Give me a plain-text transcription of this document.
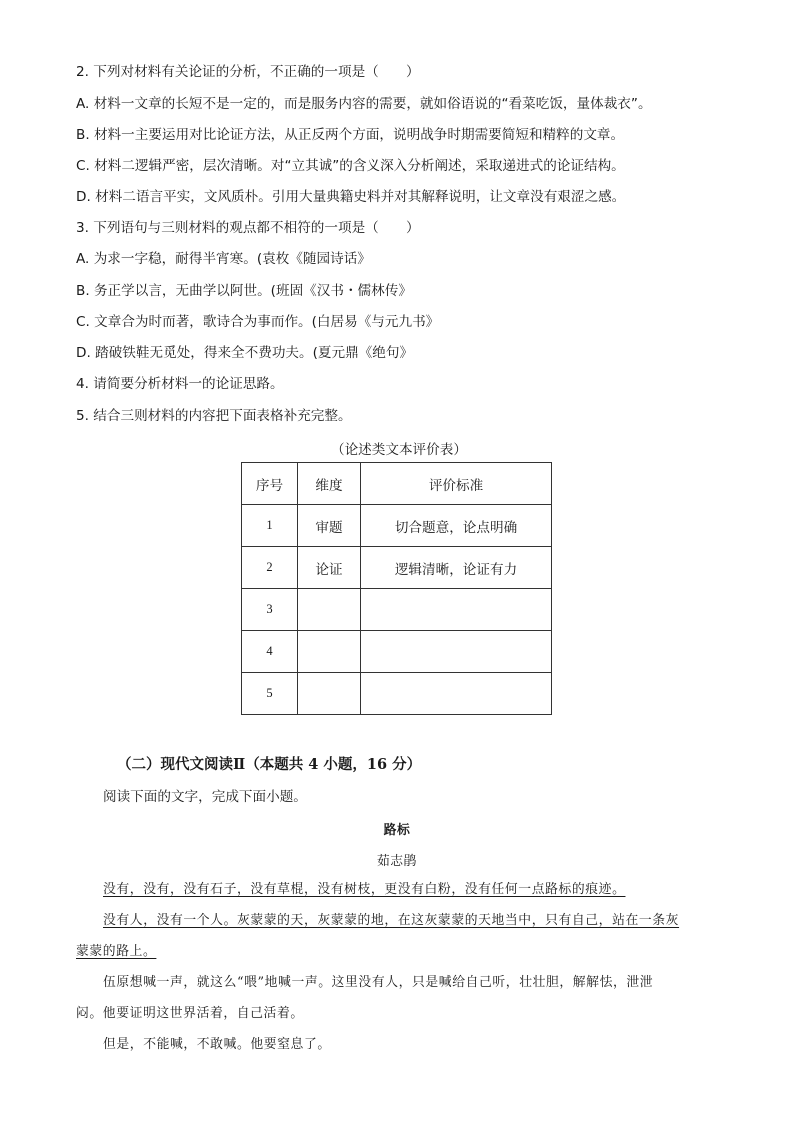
2. 下列对材料有关论证的分析，不正确的一项是（　　）
A. 材料一文章的长短不是一定的，而是服务内容的需要，就如俗语说的“看菜吃饭，量体裁衣”。
B. 材料一主要运用对比论证方法，从正反两个方面，说明战争时期需要简短和精粹的文章。
C. 材料二逻辑严密，层次清晰。对“立其诚”的含义深入分析阐述，采取递进式的论证结构。
D. 材料二语言平实，文风质朴。引用大量典籍史料并对其解释说明，让文章没有艰涩之感。
3. 下列语句与三则材料的观点都不相符的一项是（　　）
A. 为求一字稳，耐得半宵寒。(袁枚《随园诗话》
B. 务正学以言，无曲学以阿世。(班固《汉书・儒林传》
C. 文章合为时而著，歌诗合为事而作。(白居易《与元九书》
D. 踏破铁鞋无觅处，得来全不费功夫。(夏元鼎《绝句》
4. 请简要分析材料一的论证思路。
5. 结合三则材料的内容把下面表格补充完整。
（论述类文本评价表）
序号	维度	评价标准
1	审题	切合题意，论点明确
2	论证	逻辑清晰，论证有力
3		
4		
5		
（二）现代文阅读Ⅱ（本题共 4 小题，16 分）
阅读下面的文字，完成下面小题。
路标
茹志鹃
没有，没有，没有石子，没有草棍，没有树枝，更没有白粉，没有任何一点路标的痕迹。
没有人，没有一个人。灰蒙蒙的天，灰蒙蒙的地，在这灰蒙蒙的天地当中，只有自己，站在一条灰
蒙蒙的路上。
伍原想喊一声，就这么“喂”地喊一声。这里没有人，只是喊给自己听，壮壮胆，解解怯，泄泄
闷。他要证明这世界活着，自己活着。
但是，不能喊，不敢喊。他要窒息了。
